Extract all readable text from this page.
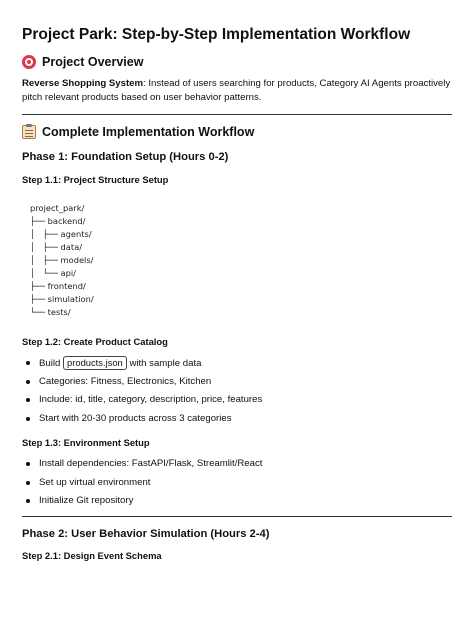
Project Park: Step-by-Step Implementation Workflow
Project Overview

Reverse Shopping System: Instead of users searching for products, Category AI Agents proactively pitch relevant products based on user behavior patterns.

Complete Implementation Workflow
Phase 1: Foundation Setup (Hours 0-2)
Step 1.1: Project Structure Setup
project_park/
├── backend/
│   ├── agents/
│   ├── data/
│   ├── models/
│   └── api/
├── frontend/
├── simulation/
└── tests/
Step 1.2: Create Product Catalog
Build products.json with sample data
Categories: Fitness, Electronics, Kitchen
Include: id, title, category, description, price, features
Start with 20-30 products across 3 categories
Step 1.3: Environment Setup
Install dependencies: FastAPI/Flask, Streamlit/React
Set up virtual environment
Initialize Git repository
Phase 2: User Behavior Simulation (Hours 2-4)
Step 2.1: Design Event Schema
